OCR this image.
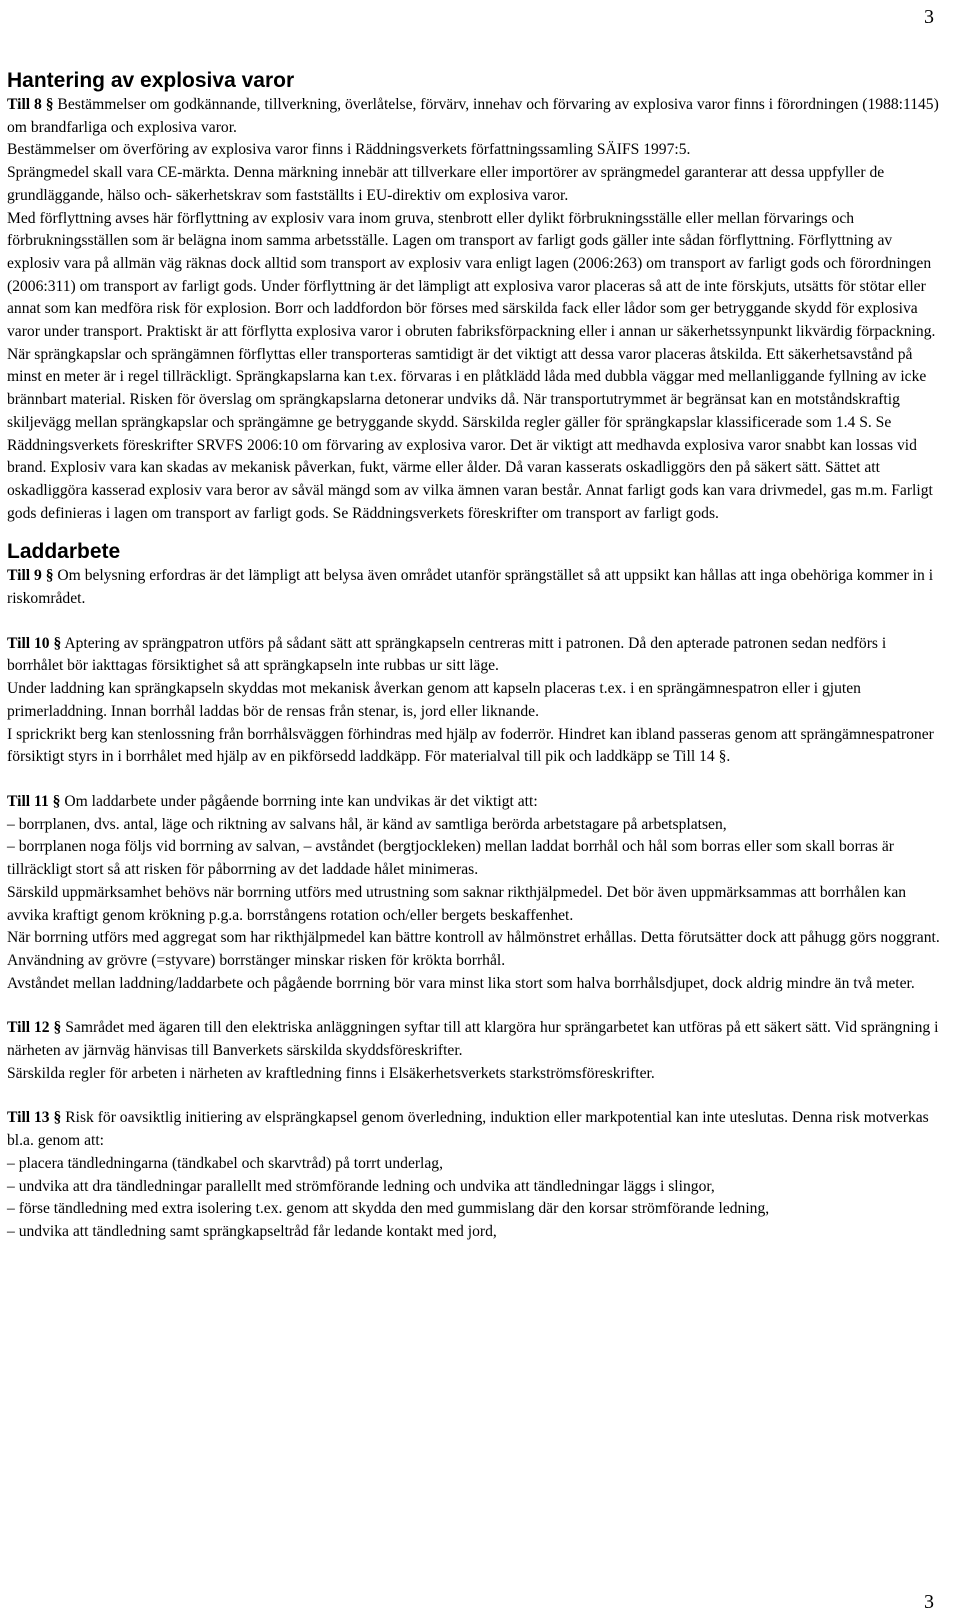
3
Hantering av explosiva varor

Till 8 § Bestämmelser om godkännande, tillverkning, överlåtelse, förvärv, innehav och förvaring av explosiva varor finns i förordningen (1988:1145) om brandfarliga och explosiva varor.

Bestämmelser om överföring av explosiva varor finns i Räddningsverkets författningssamling SÄIFS 1997:5.

Sprängmedel skall vara CE-märkta. Denna märkning innebär att tillverkare eller importörer av sprängmedel garanterar att dessa uppfyller de grundläggande, hälso och- säkerhetskrav som fastställts i EU-direktiv om explosiva varor.

Med förflyttning avses här förflyttning av explosiv vara inom gruva, stenbrott eller dylikt förbrukningsställe eller mellan förvarings och förbrukningsställen som är belägna inom samma arbetsställe. Lagen om transport av farligt gods gäller inte sådan förflyttning. Förflyttning av explosiv vara på allmän väg räknas dock alltid som transport av explosiv vara enligt lagen (2006:263) om transport av farligt gods och förordningen (2006:311) om transport av farligt gods. Under förflyttning är det lämpligt att explosiva varor placeras så att de inte förskjuts, utsätts för stötar eller annat som kan medföra risk för explosion. Borr och laddfordon bör förses med särskilda fack eller lådor som ger betryggande skydd för explosiva varor under transport. Praktiskt är att förflytta explosiva varor i obruten fabriksförpackning eller i annan ur säkerhetssynpunkt likvärdig förpackning. När sprängkapslar och sprängämnen förflyttas eller transporteras samtidigt är det viktigt att dessa varor placeras åtskilda. Ett säkerhetsavstånd på minst en meter är i regel tillräckligt. Sprängkapslarna kan t.ex. förvaras i en plåtklädd låda med dubbla väggar med mellanliggande fyllning av icke brännbart material. Risken för överslag om sprängkapslarna detonerar undviks då. När transportutrymmet är begränsat kan en motståndskraftig skiljevägg mellan sprängkapslar och sprängämne ge betryggande skydd. Särskilda regler gäller för sprängkapslar klassificerade som 1.4 S. Se Räddningsverkets föreskrifter SRVFS 2006:10 om förvaring av explosiva varor. Det är viktigt att medhavda explosiva varor snabbt kan lossas vid brand. Explosiv vara kan skadas av mekanisk påverkan, fukt, värme eller ålder. Då varan kasserats oskadliggörs den på säkert sätt. Sättet att oskadliggöra kasserad explosiv vara beror av såväl mängd som av vilka ämnen varan består. Annat farligt gods kan vara drivmedel, gas m.m. Farligt gods definieras i lagen om transport av farligt gods. Se Räddningsverkets föreskrifter om transport av farligt gods.

Laddarbete

Till 9 § Om belysning erfordras är det lämpligt att belysa även området utanför sprängstället så att uppsikt kan hållas att inga obehöriga kommer in i riskområdet.

Till 10 § Aptering av sprängpatron utförs på sådant sätt att sprängkapseln centreras mitt i patronen. Då den apterade patronen sedan nedförs i borrhålet bör iakttagas försiktighet så att sprängkapseln inte rubbas ur sitt läge.

Under laddning kan sprängkapseln skyddas mot mekanisk åverkan genom att kapseln placeras t.ex. i en sprängämnespatron eller i gjuten primerladdning. Innan borrhål laddas bör de rensas från stenar, is, jord eller liknande.

I sprickrikt berg kan stenlossning från borrhålsväggen förhindras med hjälp av foderrör. Hindret kan ibland passeras genom att sprängämnespatroner försiktigt styrs in i borrhålet med hjälp av en pikförsedd laddkäpp. För materialval till pik och laddkäpp se Till 14 §.

Till 11 § Om laddarbete under pågående borrning inte kan undvikas är det viktigt att:

– borrplanen, dvs. antal, läge och riktning av salvans hål, är känd av samtliga berörda arbetstagare på arbetsplatsen,

– borrplanen noga följs vid borrning av salvan, – avståndet (bergtjockleken) mellan laddat borrhål och hål som borras eller som skall borras är tillräckligt stort så att risken för påborrning av det laddade hålet minimeras.

Särskild uppmärksamhet behövs när borrning utförs med utrustning som saknar rikthjälpmedel. Det bör även uppmärksammas att borrhålen kan avvika kraftigt genom krökning p.g.a. borrstångens rotation och/eller bergets beskaffenhet.

När borrning utförs med aggregat som har rikthjälpmedel kan bättre kontroll av hålmönstret erhållas. Detta förutsätter dock att påhugg görs noggrant. Användning av grövre (=styvare) borrstänger minskar risken för krökta borrhål.

Avståndet mellan laddning/laddarbete och pågående borrning bör vara minst lika stort som halva borrhålsdjupet, dock aldrig mindre än två meter.

Till 12 § Samrådet med ägaren till den elektriska anläggningen syftar till att klargöra hur sprängarbetet kan utföras på ett säkert sätt. Vid sprängning i närheten av järnväg hänvisas till Banverkets särskilda skyddsföreskrifter.

Särskilda regler för arbeten i närheten av kraftledning finns i Elsäkerhetsverkets starkströmsföreskrifter.

Till 13 § Risk för oavsiktlig initiering av elsprängkapsel genom överledning, induktion eller markpotential kan inte uteslutas. Denna risk motverkas bl.a. genom att:

– placera tändledningarna (tändkabel och skarvtråd) på torrt underlag,

– undvika att dra tändledningar parallellt med strömförande ledning och undvika att tändledningar läggs i slingor,

– förse tändledning med extra isolering t.ex. genom att skydda den med gummislang där den korsar strömförande ledning,

– undvika att tändledning samt sprängkapseltråd får ledande kontakt med jord,

3
